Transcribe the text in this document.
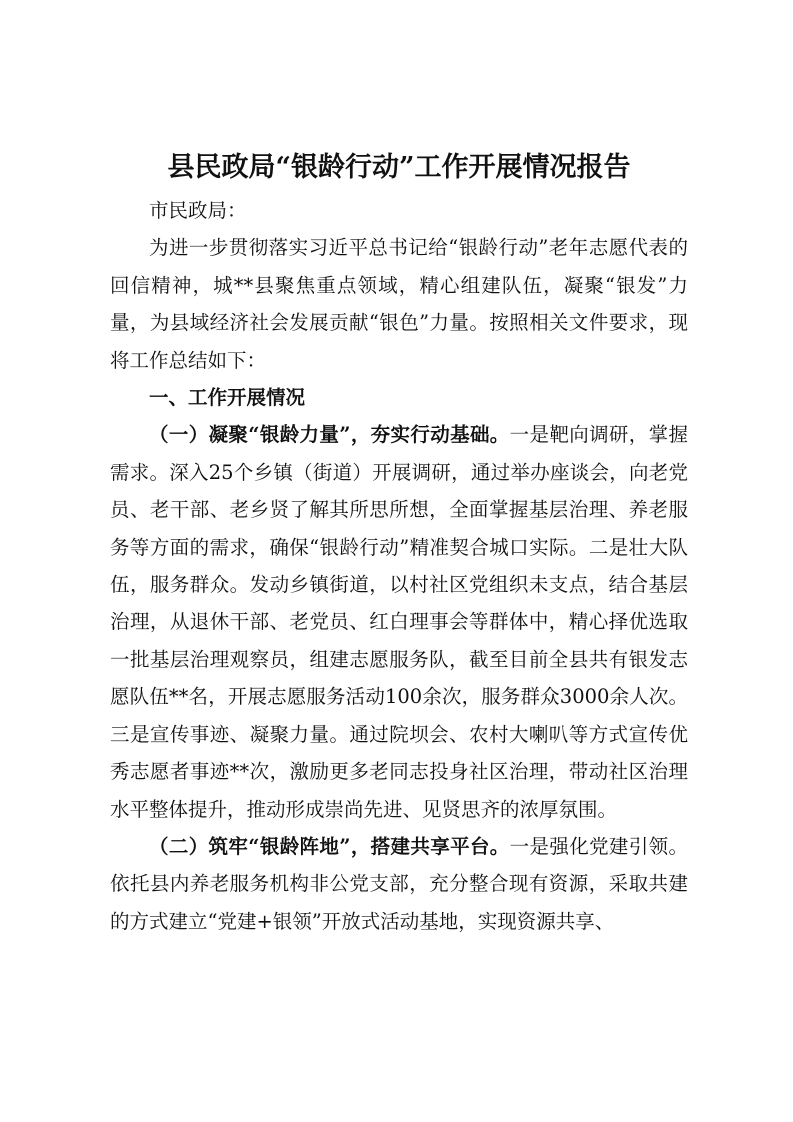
县民政局“银龄行动”工作开展情况报告

市民政局：

为进一步贯彻落实习近平总书记给“银龄行动”老年志愿代表的回信精神，城**县聚焦重点领域，精心组建队伍，凝聚“银发”力量，为县域经济社会发展贡献“银色”力量。按照相关文件要求，现将工作总结如下：

一、工作开展情况

（一）凝聚“银龄力量”，夯实行动基础。一是靶向调研，掌握需求。深入25个乡镇（街道）开展调研，通过举办座谈会，向老党员、老干部、老乡贤了解其所思所想，全面掌握基层治理、养老服务等方面的需求，确保“银龄行动”精准契合城口实际。二是壮大队伍，服务群众。发动乡镇街道，以村社区党组织未支点，结合基层治理，从退休干部、老党员、红白理事会等群体中，精心择优选取一批基层治理观察员，组建志愿服务队，截至目前全县共有银发志愿队伍**名，开展志愿服务活动100余次，服务群众3000余人次。三是宣传事迹、凝聚力量。通过院坝会、农村大喇叭等方式宣传优秀志愿者事迹**次，激励更多老同志投身社区治理，带动社区治理水平整体提升，推动形成崇尚先进、见贤思齐的浓厚氛围。

（二）筑牢“银龄阵地”，搭建共享平台。一是强化党建引领。依托县内养老服务机构非公党支部，充分整合现有资源，采取共建的方式建立“党建+银领”开放式活动基地，实现资源共享、
